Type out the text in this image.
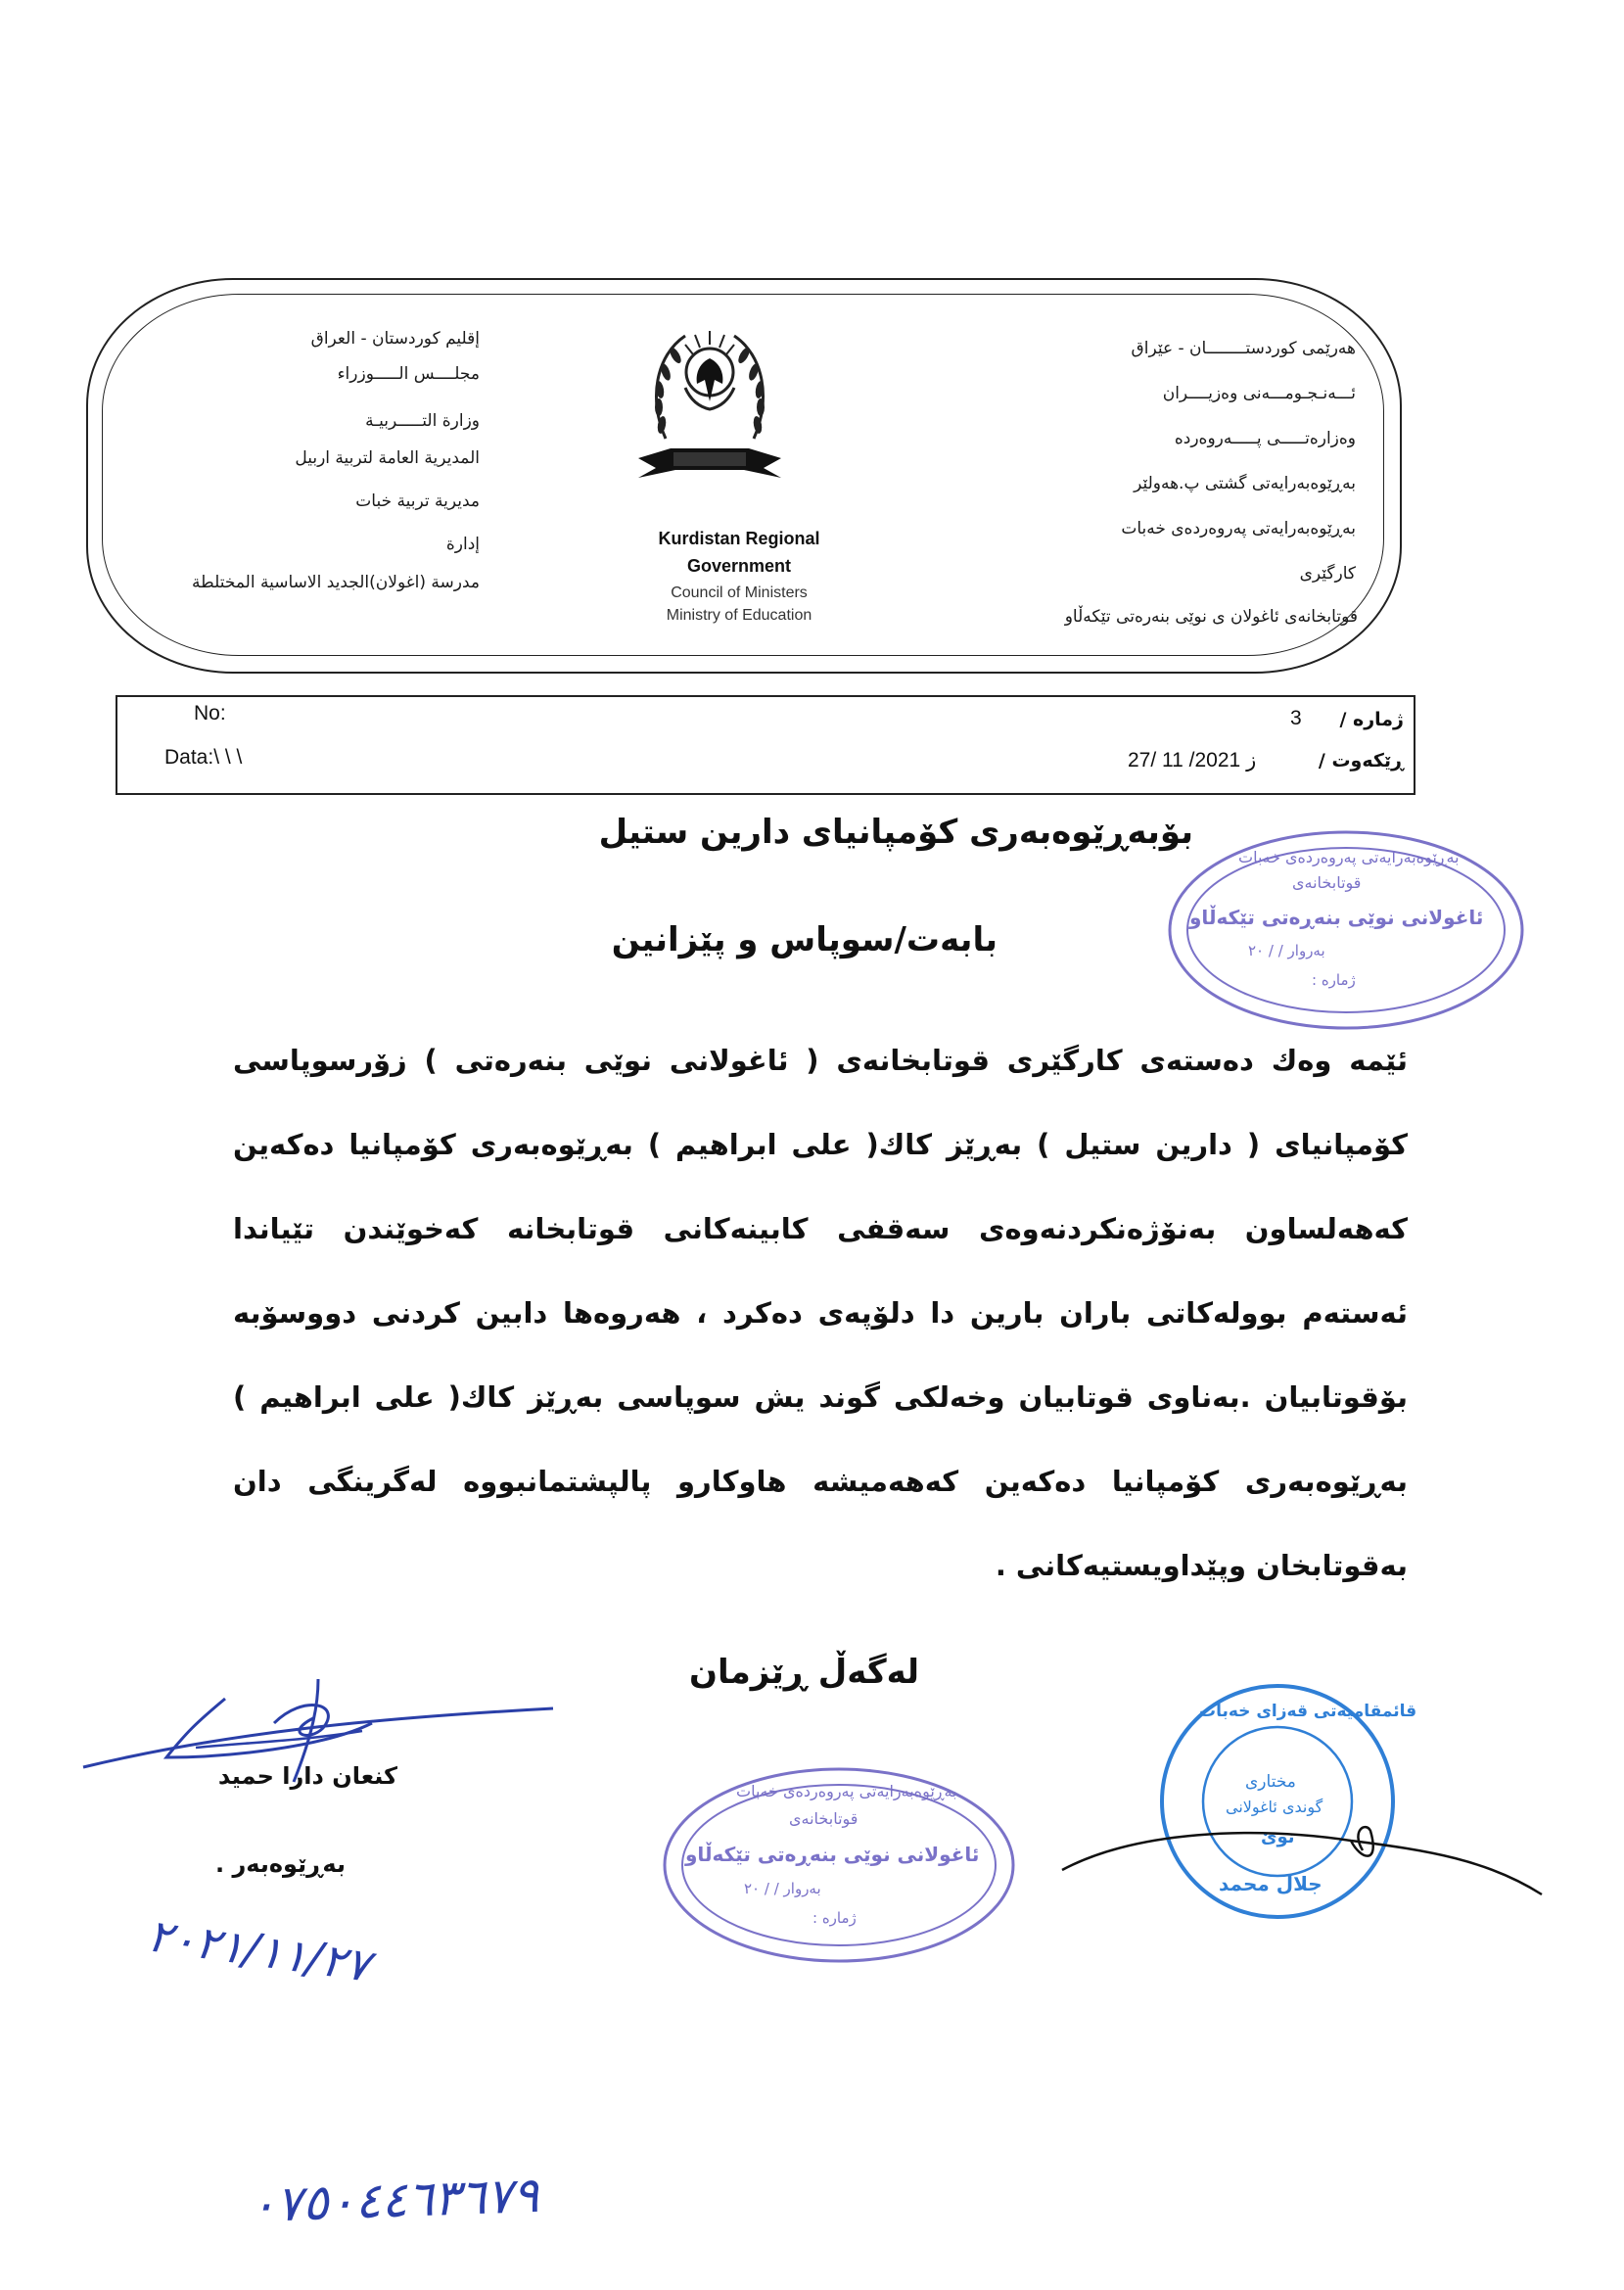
هەرێمی کوردستــــــــان - عێراق
ئـــەنـجـومـــەنی وەزیــــران
وەزارەتـــــی پـــــەروەردە
بەڕێوەبەرایەتی گشتی پ.هەولێر
بەڕێوەبەرایەتی پەروەردەی خەبات
کارگێری
قوتابخانەی ئاغولان ی نوێی بنەرەتی تێکەڵاو
إقليم كوردستان - العراق
مجلــــس الـــــوزراء
وزارة التـــــربيـة
المديرية العامة لتربية اربيل
مديرية تربية خبات
إدارة
مدرسة (اغولان)الجديد الاساسية المختلطة
Kurdistan Regional
Government
Council of Ministers
Ministry of Education
No:
Data:\ \ \
ژمارە /
3
ڕێکەوت /
27/ 11 /2021 ز
بۆبەڕێوەبەری کۆمپانیای دارین ستیل
بابەت/سوپاس و پێزانین
ئێمە وەك دەستەی کارگێری قوتابخانەی ( ئاغولانی نوێی بنەرەتی ) زۆرسوپاسی کۆمپانیای ( دارین ستیل ) بەڕێز کاك( علی ابراهیم ) بەڕێوەبەری کۆمپانیا دەکەین کەهەلساون بەنۆژەنکردنەوەی سەقفی کابینەکانی قوتابخانە کەخوێندن تێیاندا ئەستەم بوولەکاتی باران بارین دا دلۆپەی دەکرد ، هەروەها دابین کردنی دووسۆبە بۆقوتابیان .بەناوی قوتابیان وخەلکی گوند یش سوپاسی بەڕێز کاك( علی ابراهیم ) بەڕێوەبەری کۆمپانیا دەکەین کەهەمیشە هاوکارو پالپشتمانبووە لەگرینگی دان بەقوتابخان وپێداویستیەکانی .
لەگەڵ ڕێزمان
بەڕێوەبەرایەتی پەروەردەی خەبات
قوتابخانەی
ئاغولانی نوێی بنەڕەتی تێکەڵاو
بەروار / / ٢٠
ژمارە :
بەڕێوەبەرایەتی پەروەردەی خەبات
قوتابخانەی
ئاغولانی نوێی بنەڕەتی تێکەڵاو
بەروار / / ٢٠
ژمارە :
قائمقامیەتی قەزای خەبات
مختاری
گوندی ئاغولانی
نوێ
جلال محمد
كنعان دارا حميد
بەڕێوەبەر .
٢٠٢١/١١/٢٧
٠٧٥٠٤٤٦٣٦٧٩
